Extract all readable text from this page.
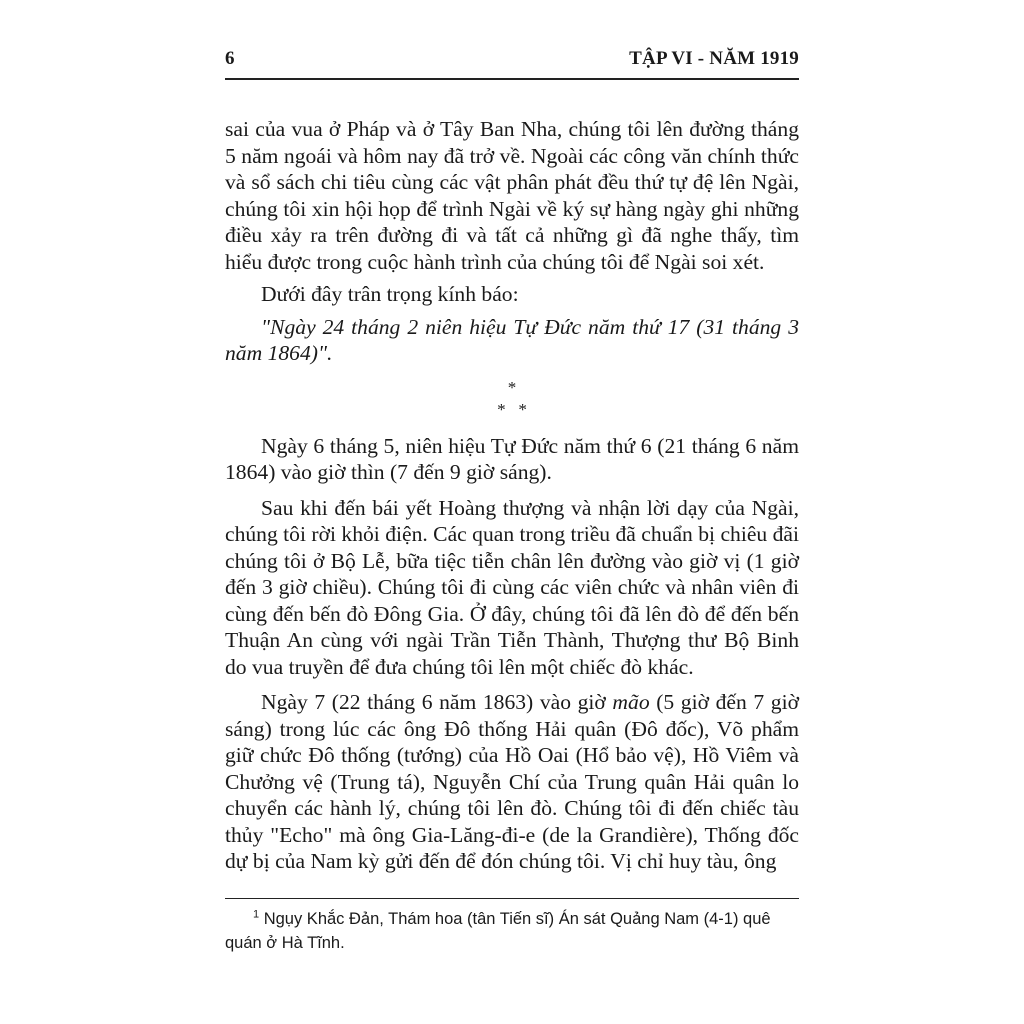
6	TẬP VI - NĂM 1919

sai của vua ở Pháp và ở Tây Ban Nha, chúng tôi lên đường tháng 5 năm ngoái và hôm nay đã trở về. Ngoài các công văn chính thức và sổ sách chi tiêu cùng các vật phân phát đều thứ tự đệ lên Ngài, chúng tôi xin hội họp để trình Ngài về ký sự hàng ngày ghi những điều xảy ra trên đường đi và tất cả những gì đã nghe thấy, tìm hiểu được trong cuộc hành trình của chúng tôi để Ngài soi xét.

Dưới đây trân trọng kính báo:

"Ngày 24 tháng 2 niên hiệu Tự Đức năm thứ 17 (31 tháng 3 năm 1864)".

*
*   *

Ngày 6 tháng 5, niên hiệu Tự Đức năm thứ 6 (21 tháng 6 năm 1864) vào giờ thìn (7 đến 9 giờ sáng).

Sau khi đến bái yết Hoàng thượng và nhận lời dạy của Ngài, chúng tôi rời khỏi điện. Các quan trong triều đã chuẩn bị chiêu đãi chúng tôi ở Bộ Lễ, bữa tiệc tiễn chân lên đường vào giờ vị (1 giờ đến 3 giờ chiều). Chúng tôi đi cùng các viên chức và nhân viên đi cùng đến bến đò Đông Gia. Ở đây, chúng tôi đã lên đò để đến bến Thuận An cùng với ngài Trần Tiễn Thành, Thượng thư Bộ Binh do vua truyền để đưa chúng tôi lên một chiếc đò khác.

Ngày 7 (22 tháng 6 năm 1863) vào giờ mão (5 giờ đến 7 giờ sáng) trong lúc các ông Đô thống Hải quân (Đô đốc), Võ phẩm giữ chức Đô thống (tướng) của Hồ Oai (Hổ bảo vệ), Hồ Viêm và Chưởng vệ (Trung tá), Nguyễn Chí của Trung quân Hải quân lo chuyển các hành lý, chúng tôi lên đò. Chúng tôi đi đến chiếc tàu thủy "Echo" mà ông Gia-Lăng-đi-e (de la Grandière), Thống đốc dự bị của Nam kỳ gửi đến để đón chúng tôi. Vị chỉ huy tàu, ông

$^1$ Ngụy Khắc Đản, Thám hoa (tân Tiến sĩ) Án sát Quảng Nam (4-1) quê quán ở Hà Tĩnh.
